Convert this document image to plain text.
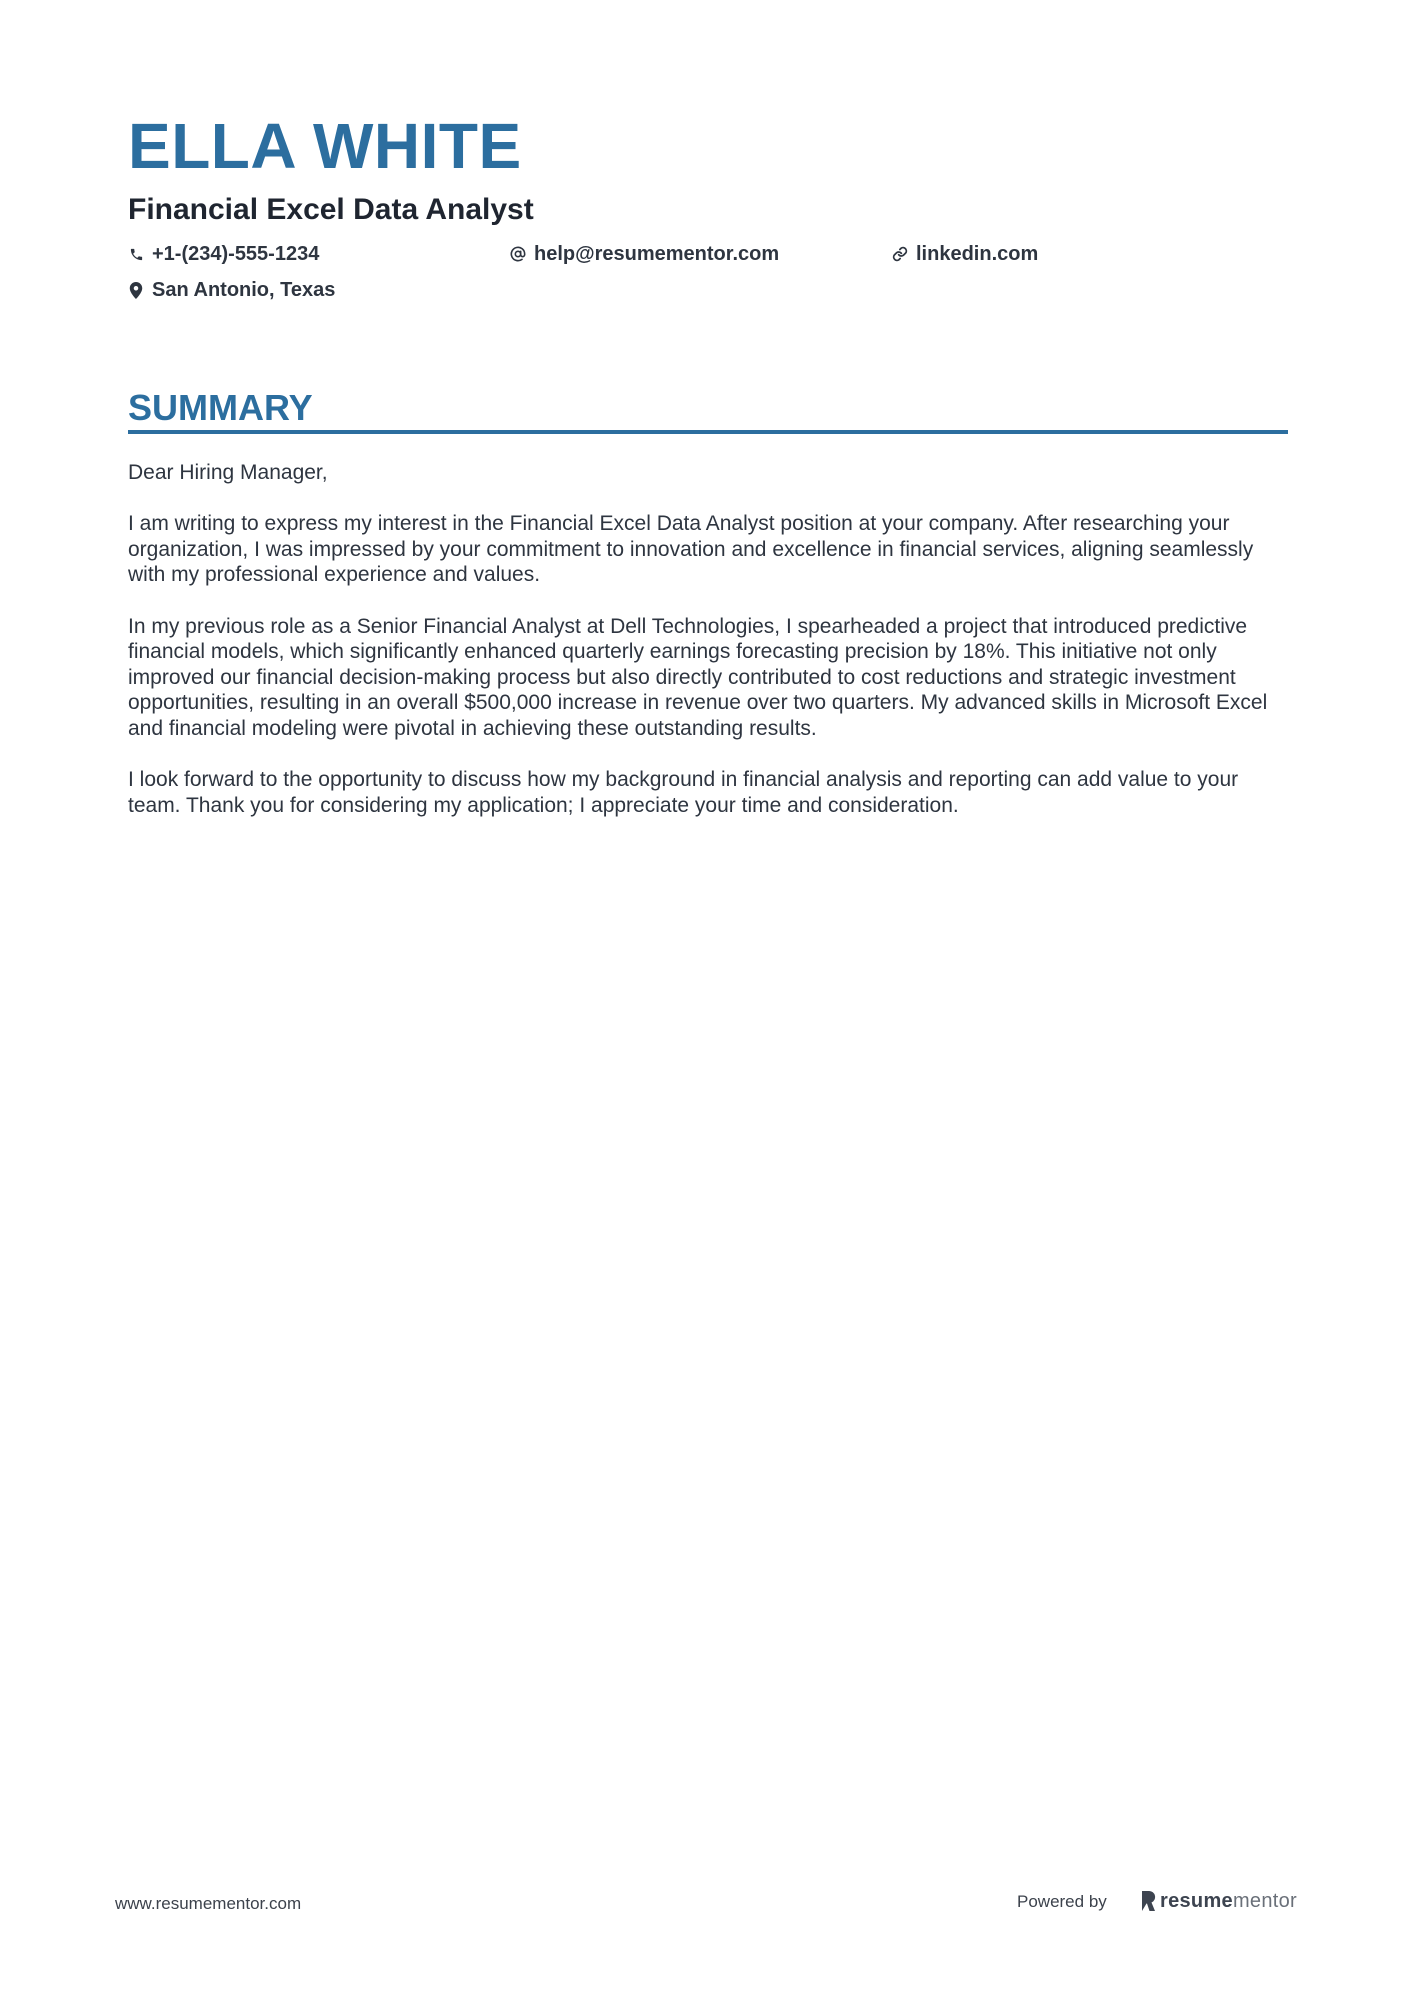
ELLA WHITE
Financial Excel Data Analyst
+1-(234)-555-1234	help@resumementor.com	linkedin.com
San Antonio, Texas
SUMMARY

Dear Hiring Manager,

I am writing to express my interest in the Financial Excel Data Analyst position at your company. After researching your organization, I was impressed by your commitment to innovation and excellence in financial services, aligning seamlessly with my professional experience and values.

In my previous role as a Senior Financial Analyst at Dell Technologies, I spearheaded a project that introduced predictive financial models, which significantly enhanced quarterly earnings forecasting precision by 18%. This initiative not only improved our financial decision-making process but also directly contributed to cost reductions and strategic investment opportunities, resulting in an overall $500,000 increase in revenue over two quarters. My advanced skills in Microsoft Excel and financial modeling were pivotal in achieving these outstanding results.

I look forward to the opportunity to discuss how my background in financial analysis and reporting can add value to your team. Thank you for considering my application; I appreciate your time and consideration.

www.resumementor.com	Powered by	resumementor
